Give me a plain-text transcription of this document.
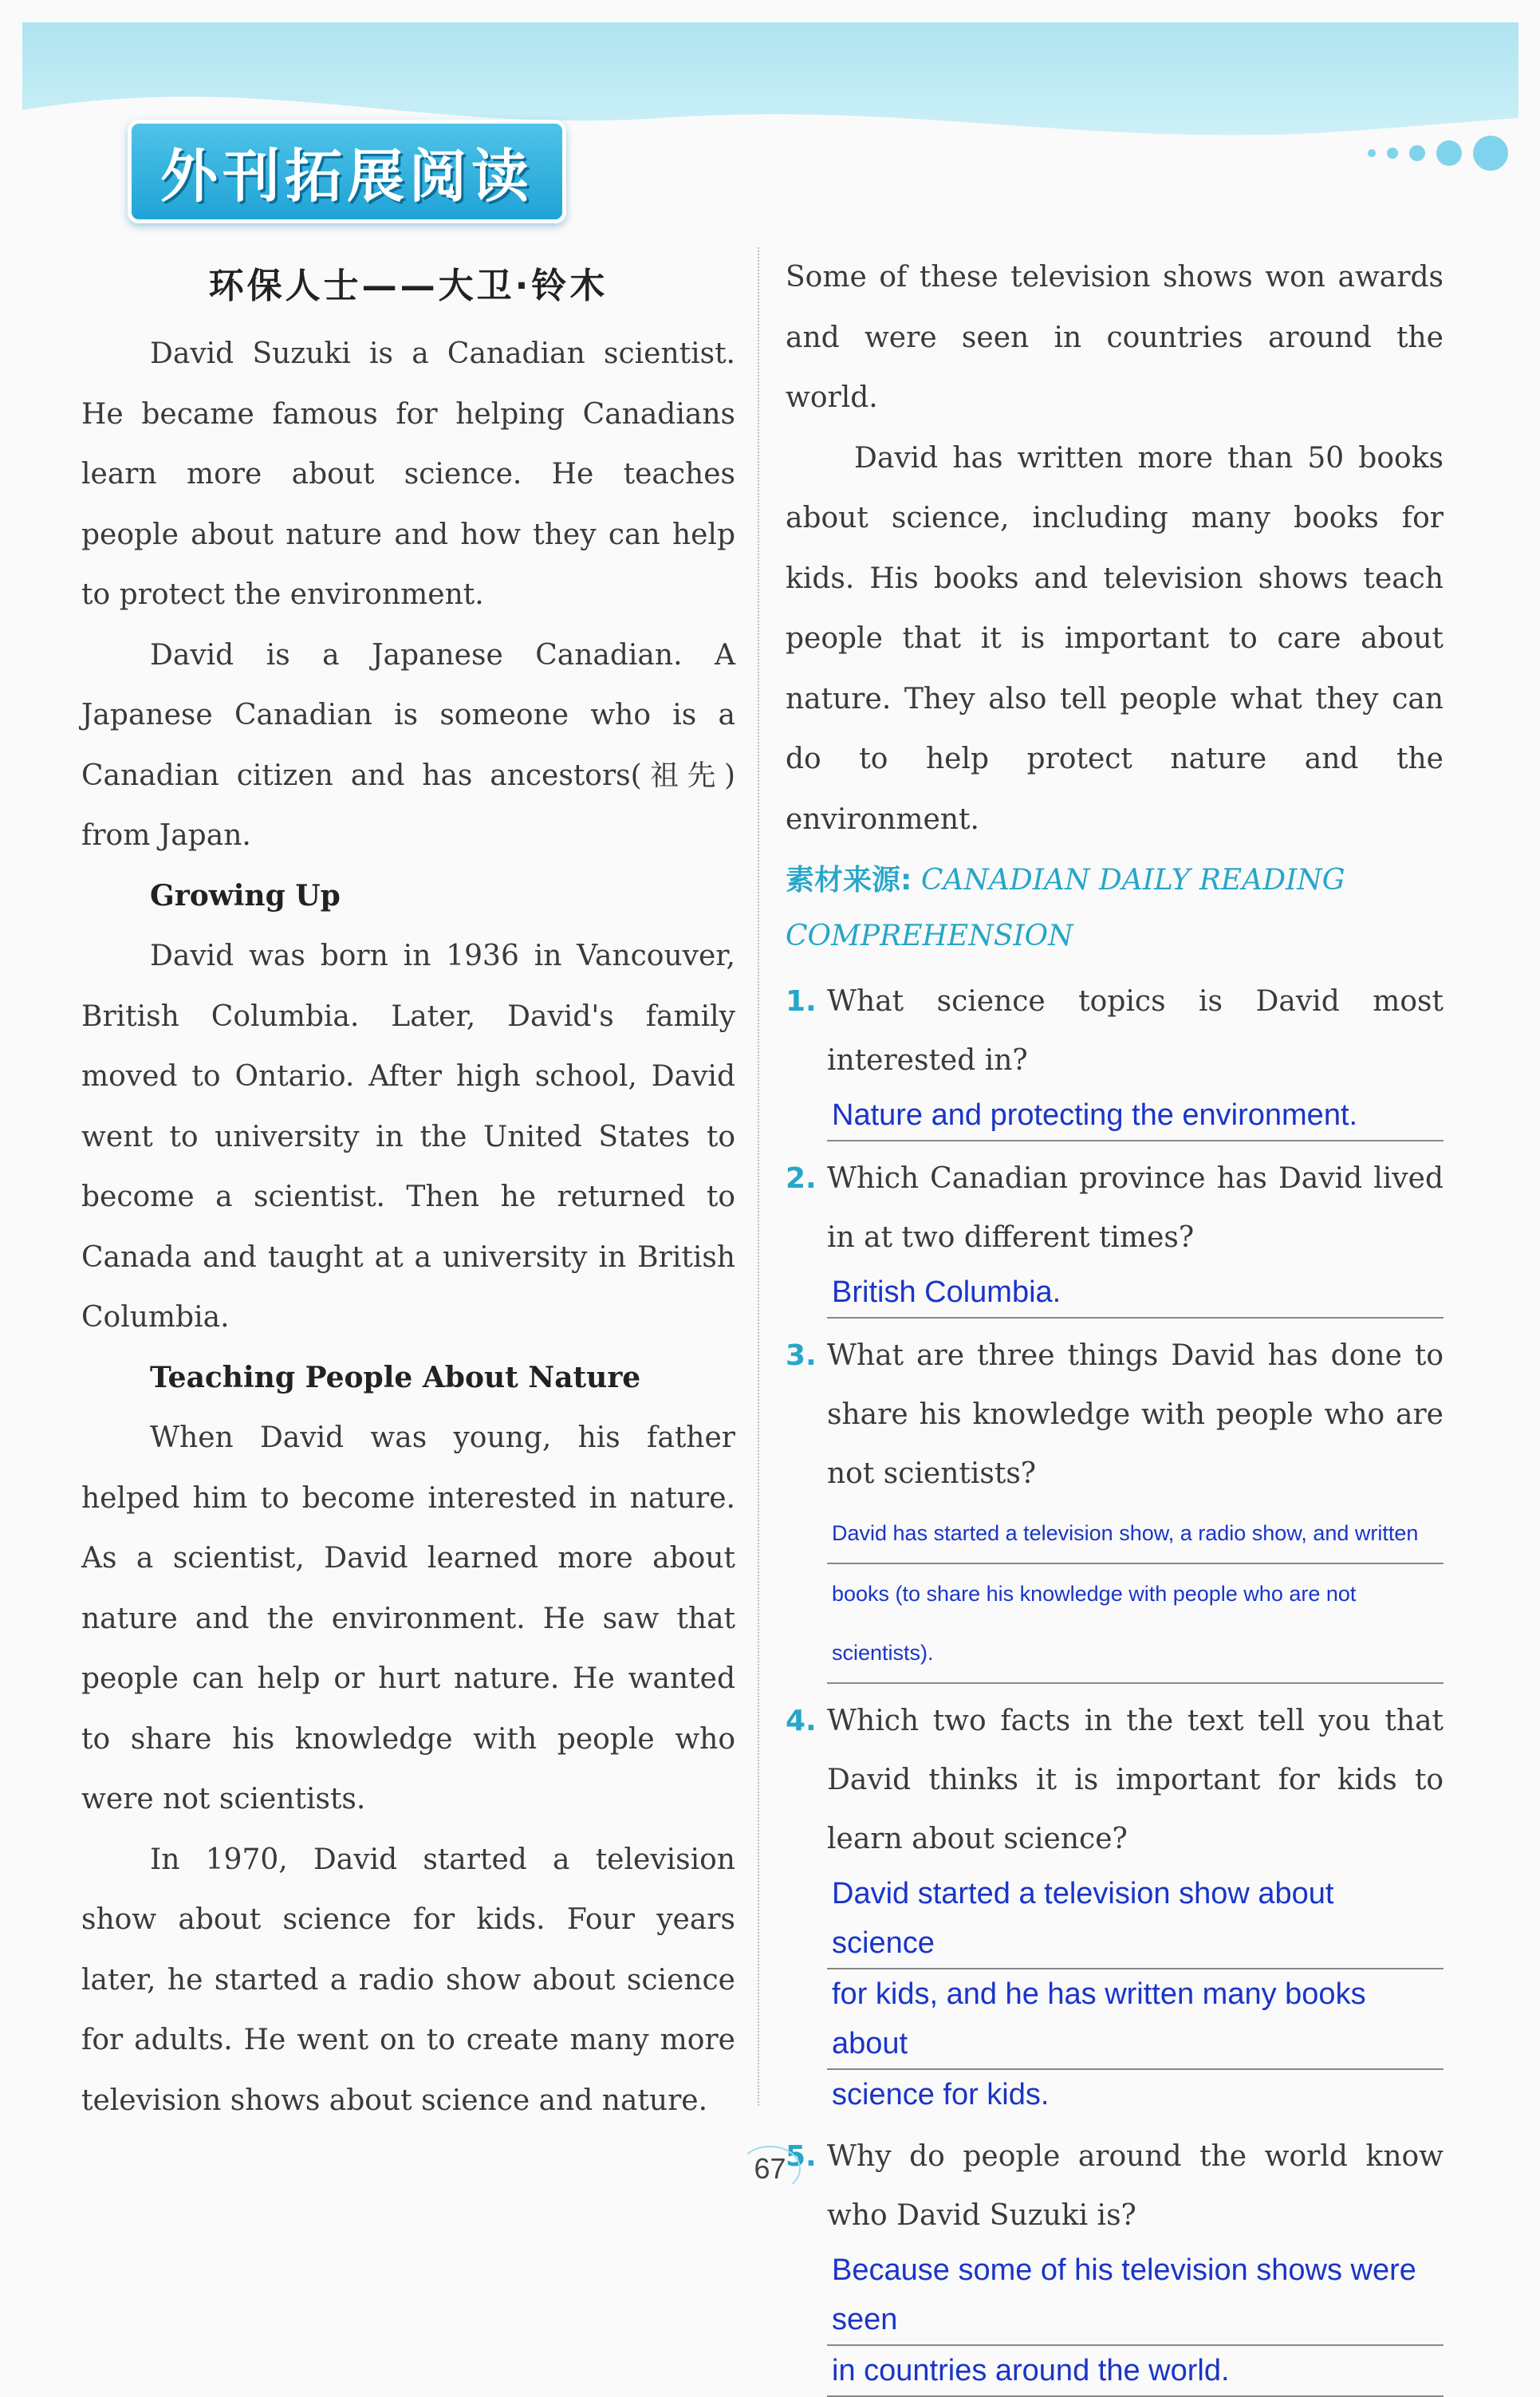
外刊拓展阅读
环保人士——大卫·铃木

David Suzuki is a Canadian scientist. He became famous for helping Canadians learn more about science. He teaches people about nature and how they can help to protect the environment.

David is a Japanese Canadian. A Japanese Canadian is someone who is a Canadian citizen and has ancestors(祖先) from Japan.

Growing Up

David was born in 1936 in Vancouver, British Columbia. Later, David's family moved to Ontario. After high school, David went to university in the United States to become a scientist. Then he returned to Canada and taught at a university in British Columbia.

Teaching People About Nature

When David was young, his father helped him to become interested in nature. As a scientist, David learned more about nature and the environment. He saw that people can help or hurt nature. He wanted to share his knowledge with people who were not scientists.

In 1970, David started a television show about science for kids. Four years later, he started a radio show about science for adults. He went on to create many more television shows about science and nature.

Some of these television shows won awards and were seen in countries around the world.

David has written more than 50 books about science, including many books for kids. His books and television shows teach people that it is important to care about nature. They also tell people what they can do to help protect nature and the environment.

素材来源: CANADIAN DAILY READING COMPREHENSION
1. What science topics is David most interested in?

Nature and protecting the environment.
2. Which Canadian province has David lived in at two different times?

British Columbia.
3. What are three things David has done to share his knowledge with people who are not scientists?

David has started a television show, a radio show, and written
books (to share his knowledge with people who are not scientists).
4. Which two facts in the text tell you that David thinks it is important for kids to learn about science?

David started a television show about science
for kids, and he has written many books about
science for kids.
5. Why do people around the world know who David Suzuki is?

Because some of his television shows were seen
in countries around the world.
67
